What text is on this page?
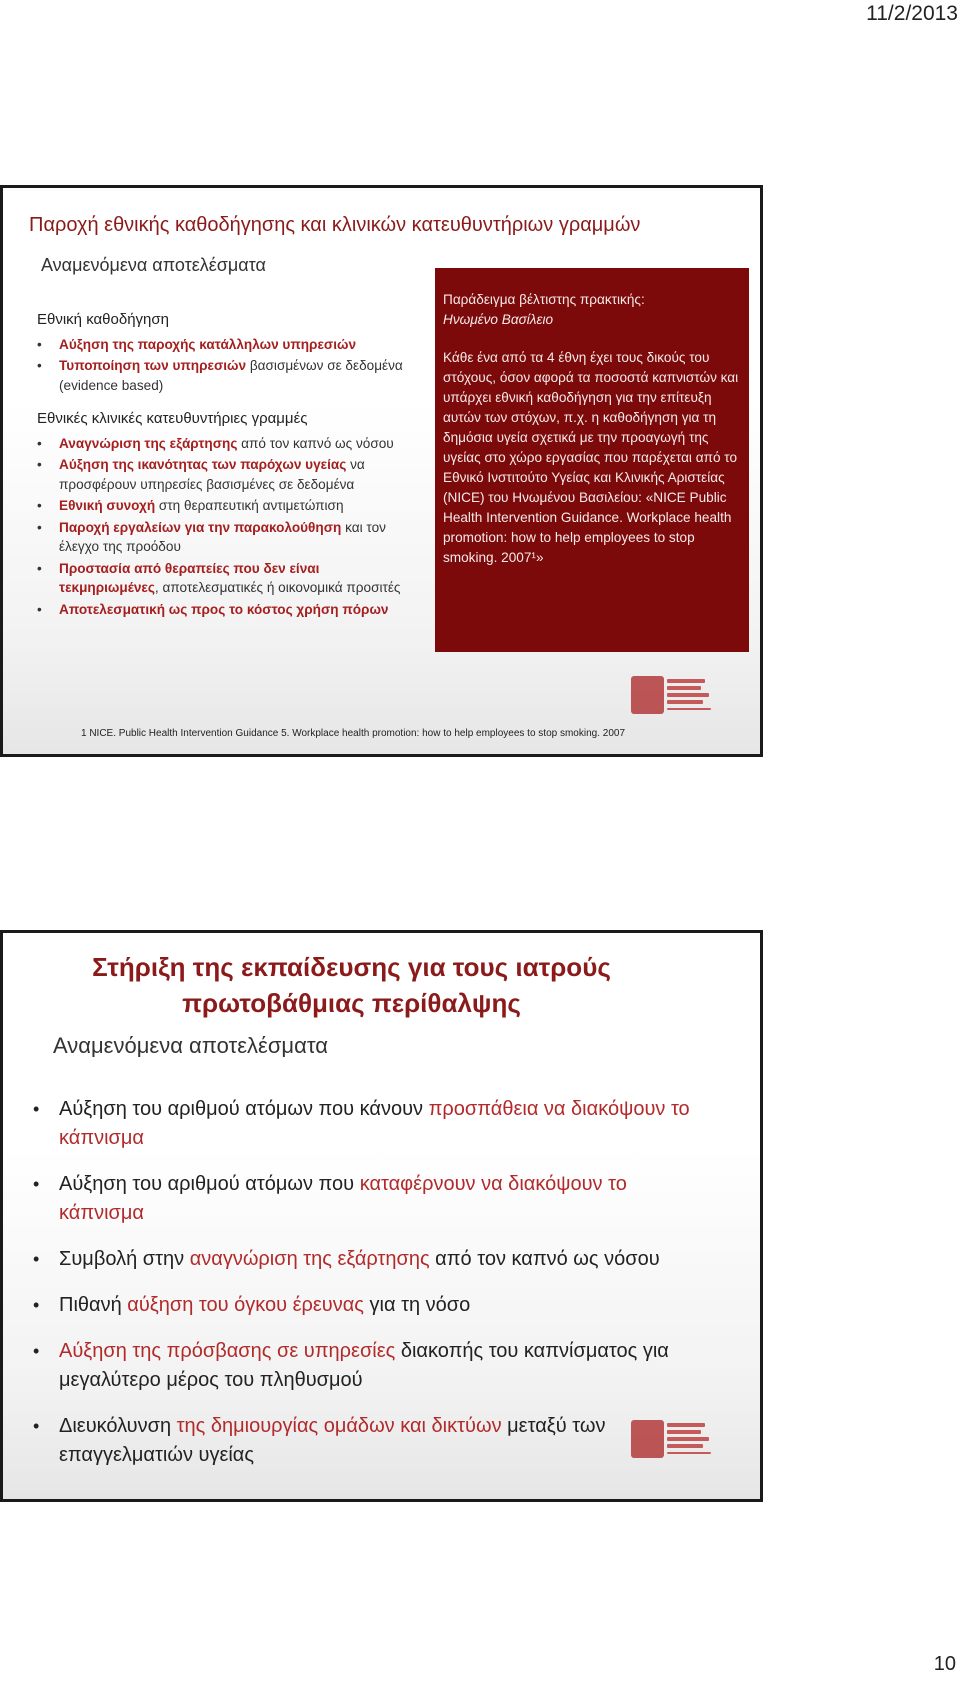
11/2/2013
Παροχή εθνικής καθοδήγησης και κλινικών κατευθυντήριων γραμμών
Αναμενόμενα αποτελέσματα
Εθνική καθοδήγηση
• Αύξηση της παροχής κατάλληλων υπηρεσιών
• Τυποποίηση των υπηρεσιών βασισμένων σε δεδομένα (evidence based)
Εθνικές κλινικές κατευθυντήριες γραμμές
• Αναγνώριση της εξάρτησης από τον καπνό ως νόσου
• Αύξηση της ικανότητας των παρόχων υγείας να προσφέρουν υπηρεσίες βασισμένες σε δεδομένα
• Εθνική συνοχή στη θεραπευτική αντιμετώπιση
• Παροχή εργαλείων για την παρακολούθηση και τον έλεγχο της προόδου
• Προστασία από θεραπείες που δεν είναι τεκμηριωμένες, αποτελεσματικές ή οικονομικά προσιτές
• Αποτελεσματική ως προς το κόστος χρήση πόρων

Παράδειγμα βέλτιστης πρακτικής:

Ηνωμένο Βασίλειο

Κάθε ένα από τα 4 έθνη έχει τους δικούς του στόχους, όσον αφορά τα ποσοστά καπνιστών και υπάρχει εθνική καθοδήγηση για την επίτευξη αυτών των στόχων, π.χ. η καθοδήγηση για τη δημόσια υγεία σχετικά με την προαγωγή της υγείας στο χώρο εργασίας που παρέχεται από το Εθνικό Ινστιτούτο Υγείας και Κλινικής Αριστείας (NICE) του Ηνωμένου Βασιλείου: «NICE Public Health Intervention Guidance. Workplace health promotion: how to help employees to stop smoking. 2007¹»

1 NICE. Public Health Intervention Guidance 5. Workplace health promotion: how to help employees to stop smoking. 2007
Στήριξη της εκπαίδευσης για τους ιατρούς πρωτοβάθμιας περίθαλψης
Αναμενόμενα αποτελέσματα
• Αύξηση του αριθμού ατόμων που κάνουν προσπάθεια να διακόψουν το κάπνισμα
• Αύξηση του αριθμού ατόμων που καταφέρνουν να διακόψουν το κάπνισμα
• Συμβολή στην αναγνώριση της εξάρτησης από τον καπνό ως νόσου
• Πιθανή αύξηση του όγκου έρευνας για τη νόσο
• Αύξηση της πρόσβασης σε υπηρεσίες διακοπής του καπνίσματος για μεγαλύτερο μέρος του πληθυσμού
• Διευκόλυνση της δημιουργίας ομάδων και δικτύων μεταξύ των επαγγελματιών υγείας
10
